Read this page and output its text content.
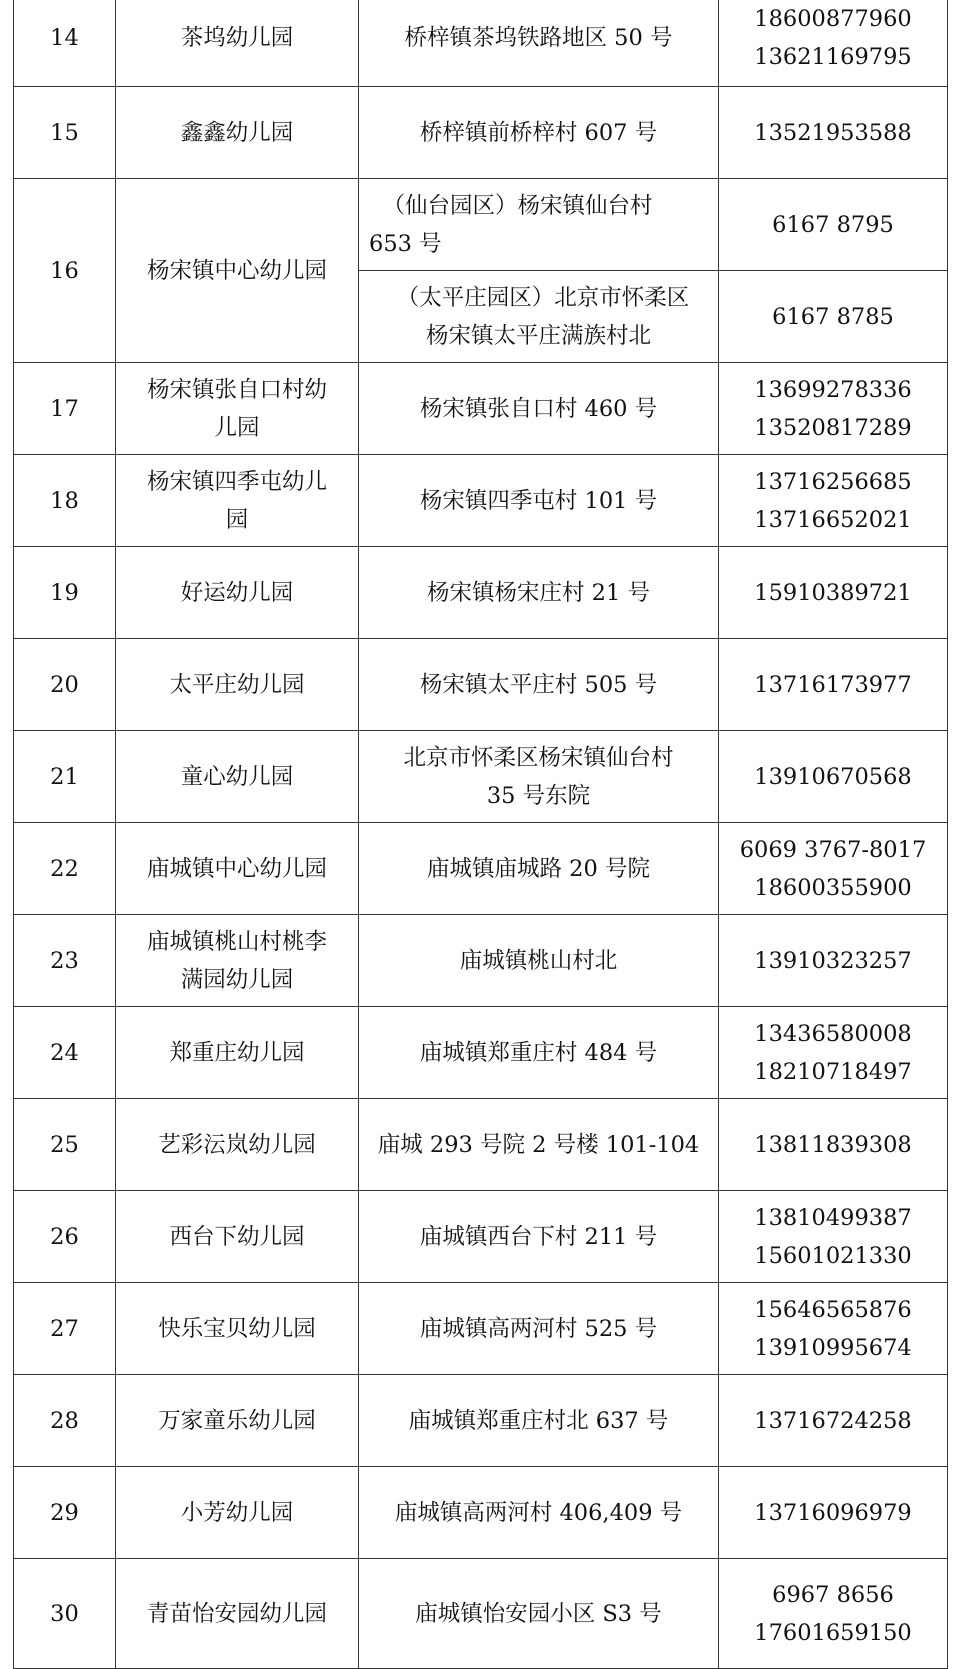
14	茶坞幼儿园	桥梓镇茶坞铁路地区 50 号	18600877960
13621169795

15	鑫鑫幼儿园	桥梓镇前桥梓村 607 号	13521953588

16	杨宋镇中心幼儿园	（仙台园区）杨宋镇仙台村
653 号	6167 8795

		（太平庄园区）北京市怀柔区
杨宋镇太平庄满族村北	6167 8785

17	杨宋镇张自口村幼
儿园	杨宋镇张自口村 460 号	13699278336
13520817289

18	杨宋镇四季屯幼儿
园	杨宋镇四季屯村 101 号	13716256685
13716652021

19	好运幼儿园	杨宋镇杨宋庄村 21 号	15910389721

20	太平庄幼儿园	杨宋镇太平庄村 505 号	13716173977

21	童心幼儿园	北京市怀柔区杨宋镇仙台村
35 号东院	13910670568

22	庙城镇中心幼儿园	庙城镇庙城路 20 号院	6069 3767-8017
18600355900

23	庙城镇桃山村桃李
满园幼儿园	庙城镇桃山村北	13910323257

24	郑重庄幼儿园	庙城镇郑重庄村 484 号	13436580008
18210718497

25	艺彩沄岚幼儿园	庙城 293 号院 2 号楼 101-104	13811839308

26	西台下幼儿园	庙城镇西台下村 211 号	13810499387
15601021330

27	快乐宝贝幼儿园	庙城镇高两河村 525 号	15646565876
13910995674

28	万家童乐幼儿园	庙城镇郑重庄村北 637 号	13716724258

29	小芳幼儿园	庙城镇高两河村 406,409 号	13716096979

30	青苗怡安园幼儿园	庙城镇怡安园小区 S3 号	6967 8656
17601659150
